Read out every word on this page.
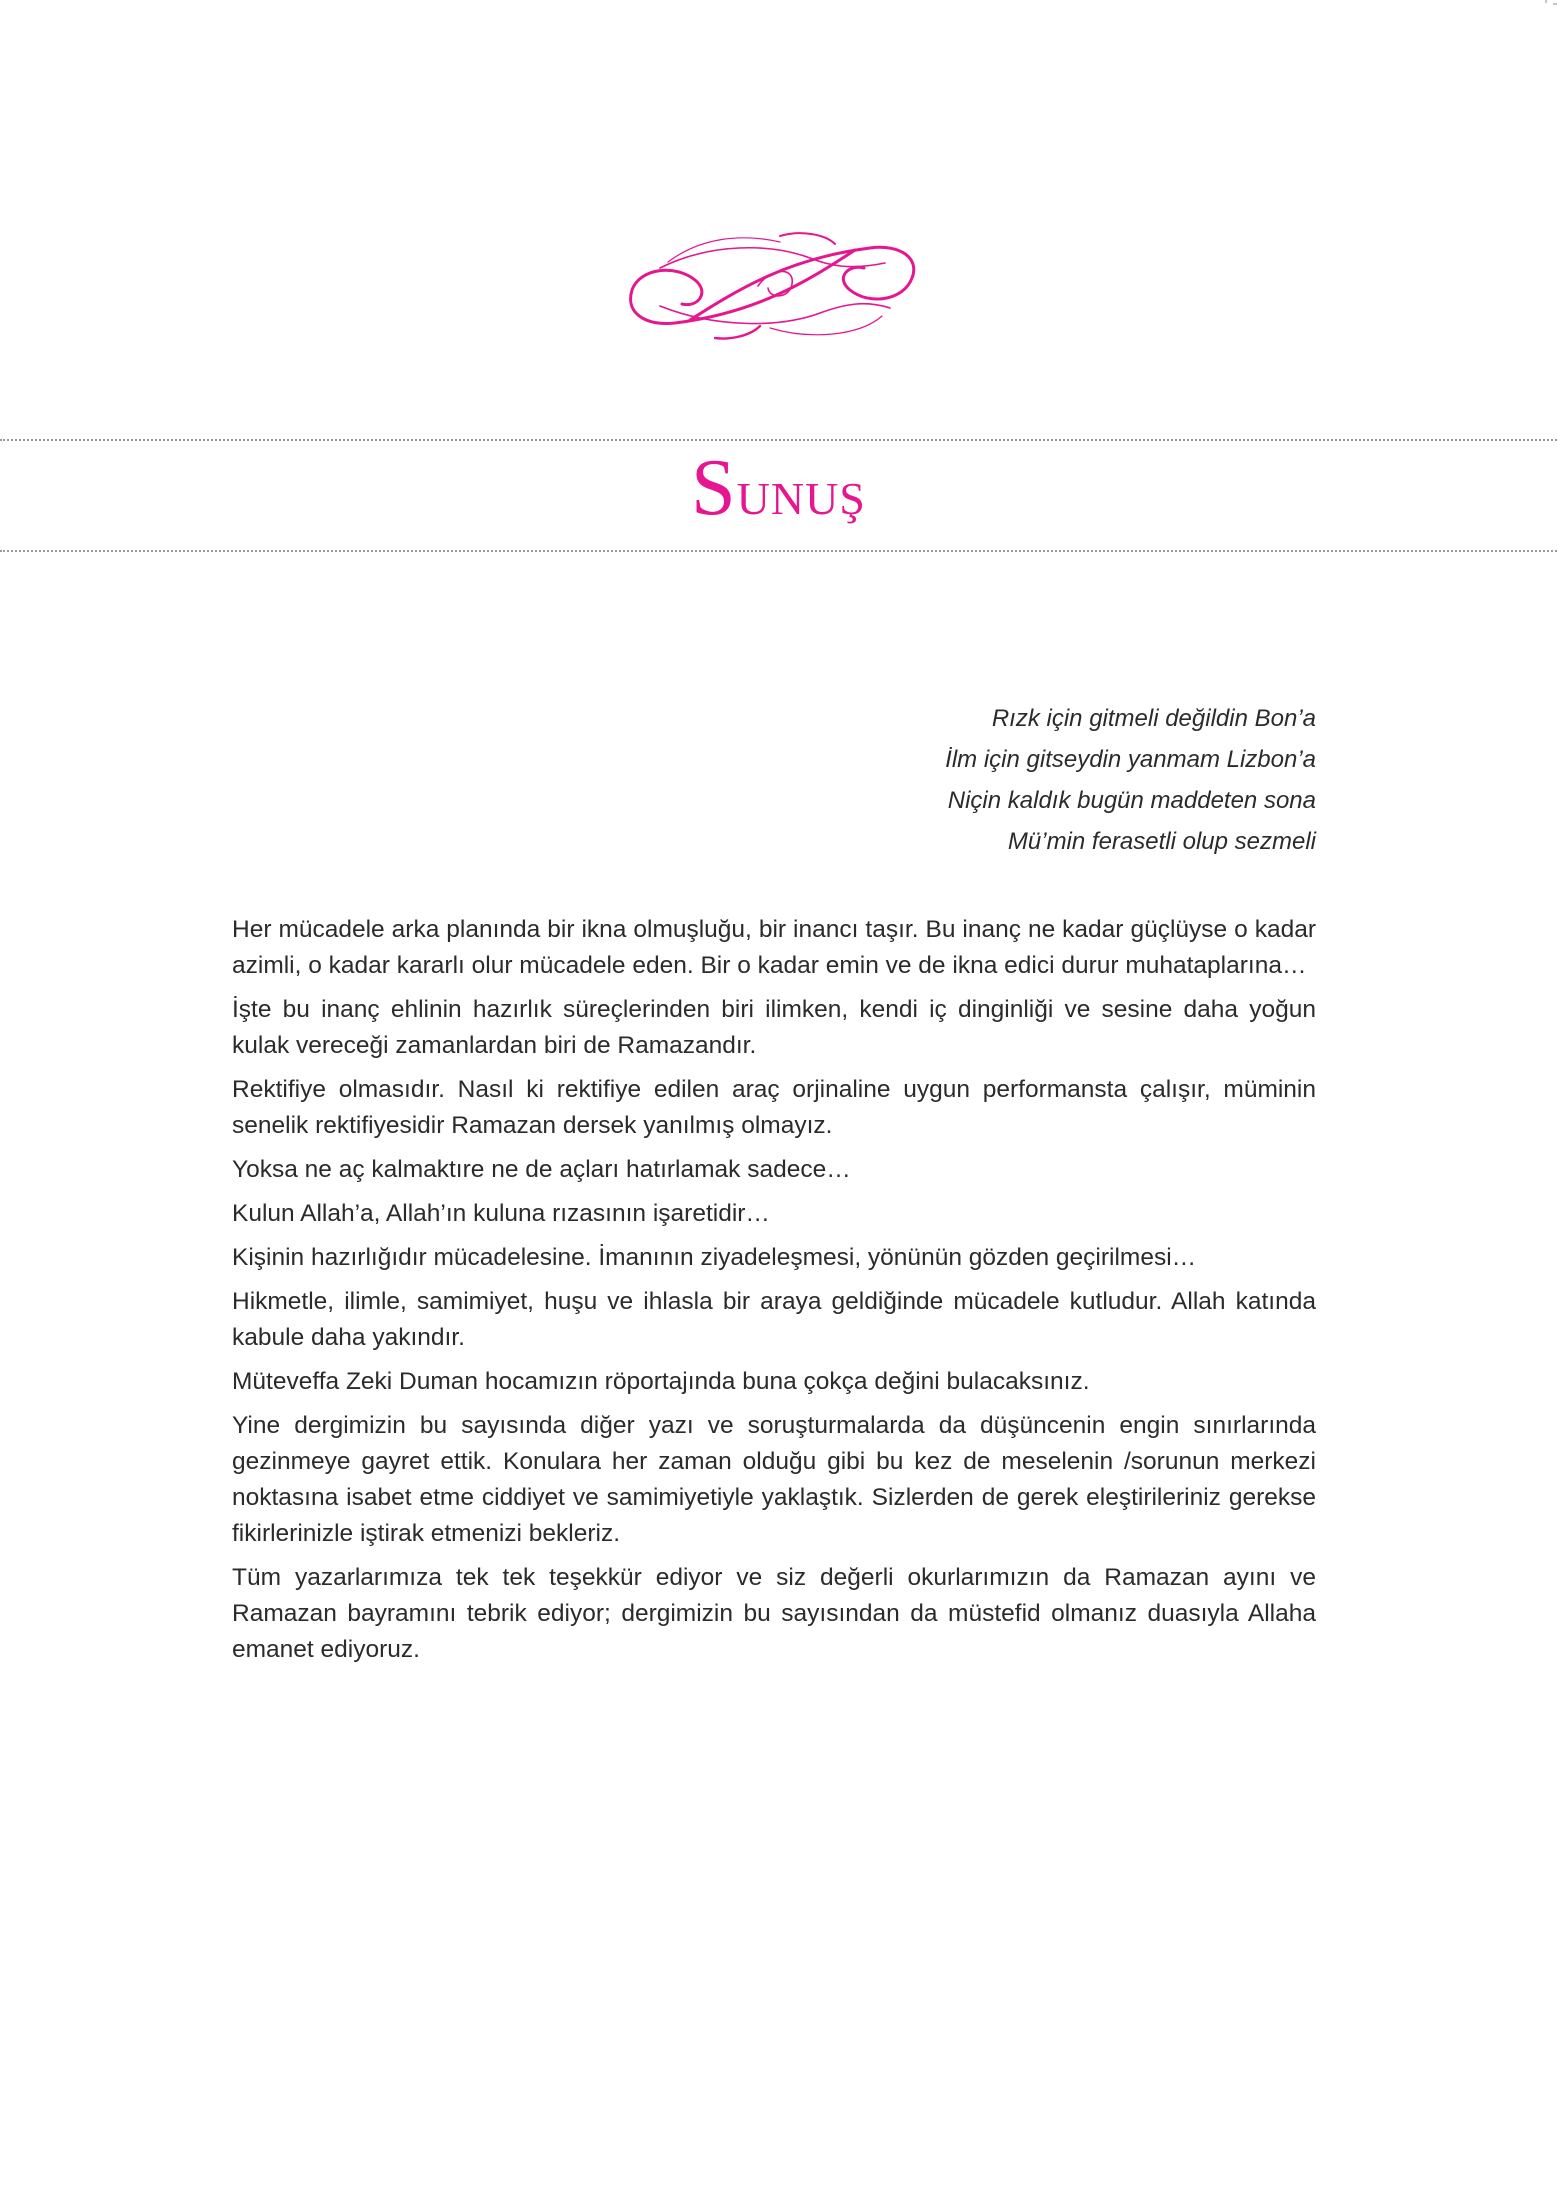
Sunuş
Rızk için gitmeli değildin Bon’a
İlm için gitseydin yanmam Lizbon’a
Niçin kaldık bugün maddeten sona
Mü’min ferasetli olup sezmeli

Her mücadele arka planında bir ikna olmuşluğu, bir inancı taşır. Bu inanç ne kadar güçlüyse o kadar azimli, o kadar kararlı olur mücadele eden. Bir o kadar emin ve de ikna edici durur muhataplarına…

İşte bu inanç ehlinin hazırlık süreçlerinden biri ilimken, kendi iç dinginliği ve sesine daha yoğun kulak vereceği zamanlardan biri de Ramazandır.

Rektifiye olmasıdır. Nasıl ki rektifiye edilen araç orjinaline uygun performansta çalışır, müminin senelik rektifiyesidir Ramazan dersek yanılmış olmayız.

Yoksa ne aç kalmaktıre ne de açları hatırlamak sadece…

Kulun Allah’a, Allah’ın kuluna rızasının işaretidir…

Kişinin hazırlığıdır mücadelesine. İmanının ziyadeleşmesi, yönünün gözden geçirilmesi…

Hikmetle, ilimle, samimiyet, huşu ve ihlasla bir araya geldiğinde mücadele kutludur. Allah katında kabule daha yakındır.

Müteveffa Zeki Duman hocamızın röportajında buna çokça değini bulacaksınız.

Yine dergimizin bu sayısında diğer yazı ve soruşturmalarda da düşüncenin engin sınırlarında gezinmeye gayret ettik. Konulara her zaman olduğu gibi bu kez de meselenin /sorunun merkezi noktasına isabet etme ciddiyet ve samimiyetiyle yaklaştık. Sizlerden de gerek eleştirileriniz gerekse fikirlerinizle iştirak etmenizi bekleriz.

Tüm yazarlarımıza tek tek teşekkür ediyor ve siz değerli okurlarımızın da Ramazan ayını ve Ramazan bayramını tebrik ediyor; dergimizin bu sayısından da müstefid olmanız duasıyla Allaha emanet ediyoruz.
